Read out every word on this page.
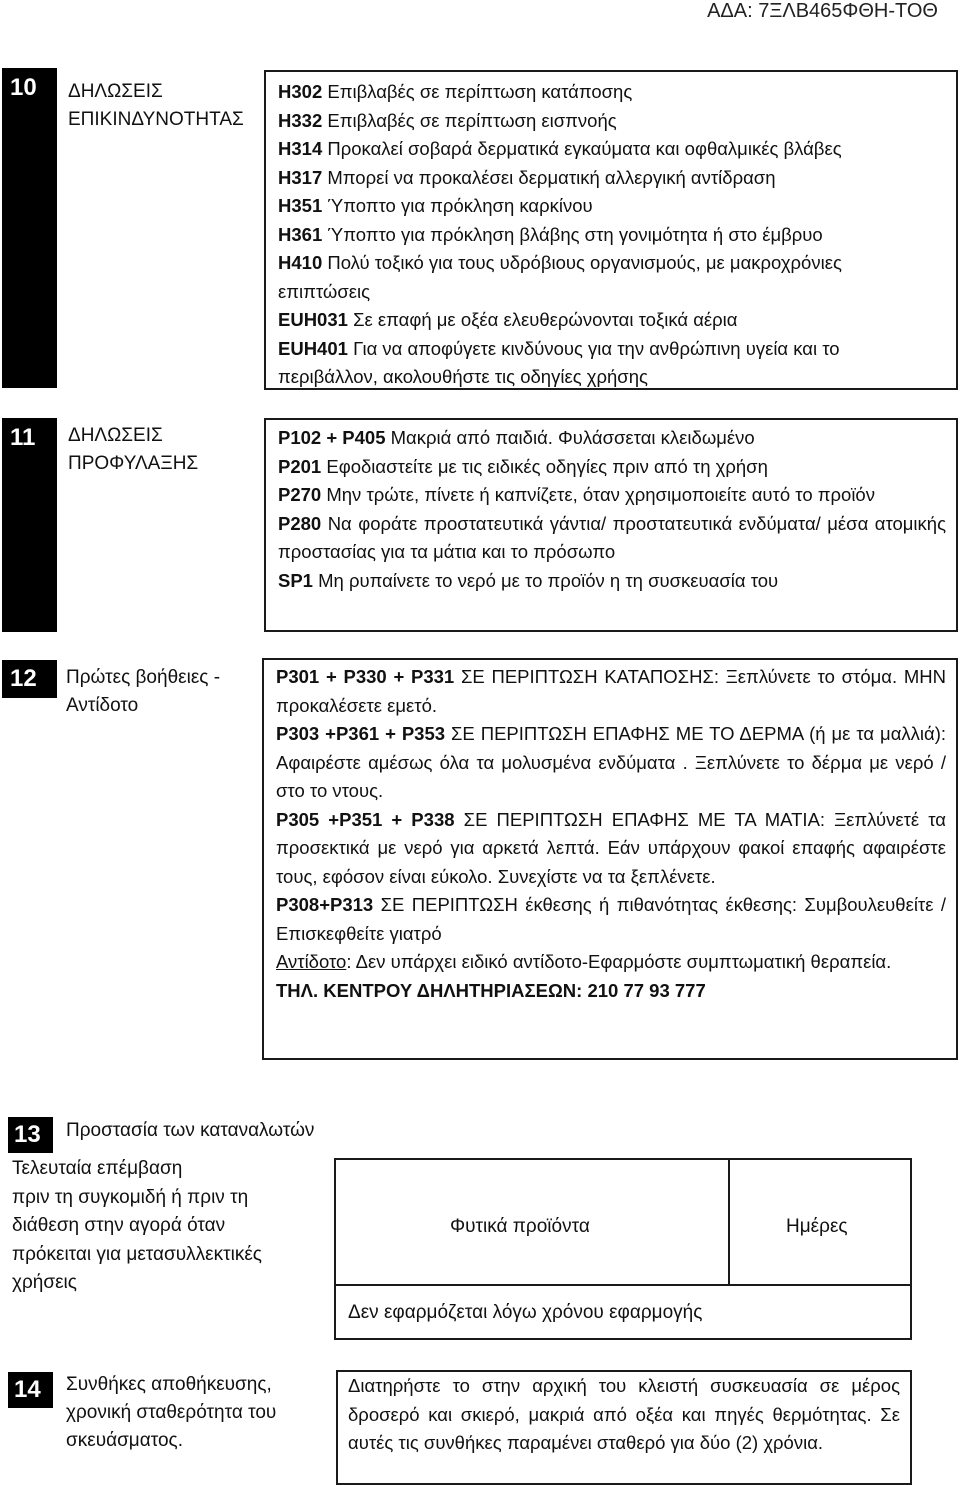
ΑΔΑ: 7ΞΛΒ465ΦΘΗ-ΤΟΘ
10 ΔΗΛΩΣΕΙΣ
ΕΠΙΚΙΝΔΥΝΟΤΗΤΑΣ

H302 Επιβλαβές σε περίπτωση κατάποσης

H332 Επιβλαβές σε περίπτωση εισπνοής

H314 Προκαλεί σοβαρά δερματικά εγκαύματα και οφθαλμικές βλάβες

H317 Μπορεί να προκαλέσει δερματική αλλεργική αντίδραση

H351 Ύποπτο για πρόκληση καρκίνου

H361 Ύποπτο για πρόκληση βλάβης στη γονιμότητα ή στο έμβρυο

H410 Πολύ τοξικό για τους υδρόβιους οργανισμούς, με μακροχρόνιες

επιπτώσεις

EUH031 Σε επαφή με οξέα ελευθερώνονται τοξικά αέρια

EUH401 Για να αποφύγετε κινδύνους για την ανθρώπινη υγεία και το

περιβάλλον, ακολουθήστε τις οδηγίες χρήσης

11 ΔΗΛΩΣΕΙΣ
ΠΡΟΦΥΛΑΞΗΣ

P102 + P405 Μακριά από παιδιά. Φυλάσσεται κλειδωμένο

P201 Εφοδιαστείτε με τις ειδικές οδηγίες πριν από τη χρήση

P270 Μην τρώτε, πίνετε ή καπνίζετε, όταν χρησιμοποιείτε αυτό το προϊόν

P280 Να φοράτε προστατευτικά γάντια/ προστατευτικά ενδύματα/ μέσα ατομικής προστασίας για τα μάτια και το πρόσωπο

SP1 Μη ρυπαίνετε το νερό με το προϊόν η τη συσκευασία του

12 Πρώτες βοήθειες -
Αντίδοτο

P301 + P330 + P331 ΣΕ ΠΕΡΙΠΤΩΣΗ ΚΑΤΑΠΟΣΗΣ: Ξεπλύνετε το στόμα. ΜΗΝ προκαλέσετε εμετό.

P303 +P361 + P353 ΣΕ ΠΕΡΙΠΤΩΣΗ ΕΠΑΦΗΣ ΜΕ ΤΟ ΔΕΡΜΑ (ή με τα μαλλιά): Αφαιρέστε αμέσως όλα τα μολυσμένα ενδύματα . Ξεπλύνετε το δέρμα με νερό /στο το ντους.

P305 +P351 + P338 ΣΕ ΠΕΡΙΠΤΩΣΗ ΕΠΑΦΗΣ ΜΕ ΤΑ ΜΑΤΙΑ: Ξεπλύνετέ τα προσεκτικά με νερό για αρκετά λεπτά. Εάν υπάρχουν φακοί επαφής αφαιρέστε τους, εφόσον είναι εύκολο. Συνεχίστε να τα ξεπλένετε.

P308+P313 ΣΕ ΠΕΡΙΠΤΩΣΗ έκθεσης ή πιθανότητας έκθεσης: Συμβουλευθείτε / Επισκεφθείτε γιατρό

Αντίδοτο: Δεν υπάρχει ειδικό αντίδοτο-Εφαρμόστε συμπτωματική θεραπεία.

ΤΗΛ. ΚΕΝΤΡΟΥ ΔΗΛΗΤΗΡΙΑΣΕΩΝ: 210 77 93 777

13 Προστασία των καταναλωτών
Τελευταία επέμβαση
πριν τη συγκομιδή ή πριν τη
διάθεση στην αγορά όταν
πρόκειται για μετασυλλεκτικές
χρήσεις
Φυτικά προϊόντα	Ημέρες
Δεν εφαρμόζεται λόγω χρόνου εφαρμογής
14 Συνθήκες αποθήκευσης,
χρονική σταθερότητα του
σκευάσματος.

Διατηρήστε το στην αρχική του κλειστή συσκευασία σε μέρος δροσερό και σκιερό, μακριά από οξέα και πηγές θερμότητας. Σε αυτές τις συνθήκες παραμένει σταθερό για δύο (2) χρόνια.
